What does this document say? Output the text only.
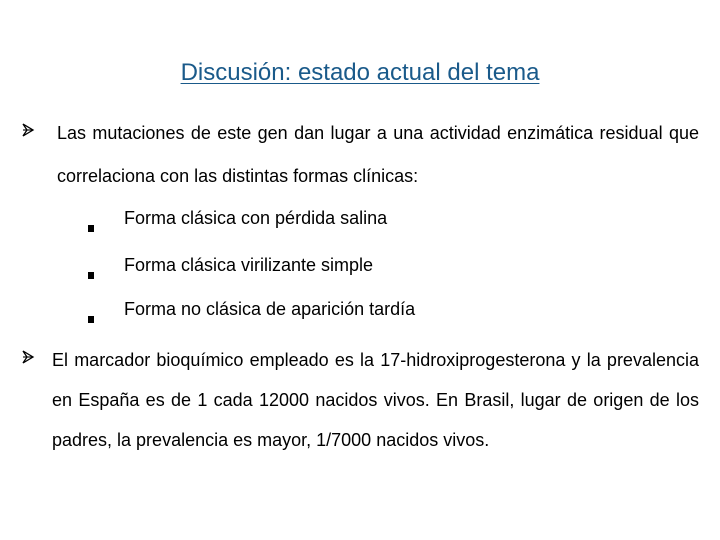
Discusión: estado actual del tema
Las mutaciones de este gen dan lugar a una actividad enzimática residual que correlaciona con las distintas formas clínicas:
Forma clásica con pérdida salina
Forma clásica virilizante simple
Forma no clásica de aparición tardía
El marcador bioquímico empleado es la 17-hidroxiprogesterona y la prevalencia en España es de 1 cada 12000 nacidos vivos. En Brasil, lugar de origen de los padres, la prevalencia es mayor, 1/7000 nacidos vivos.
